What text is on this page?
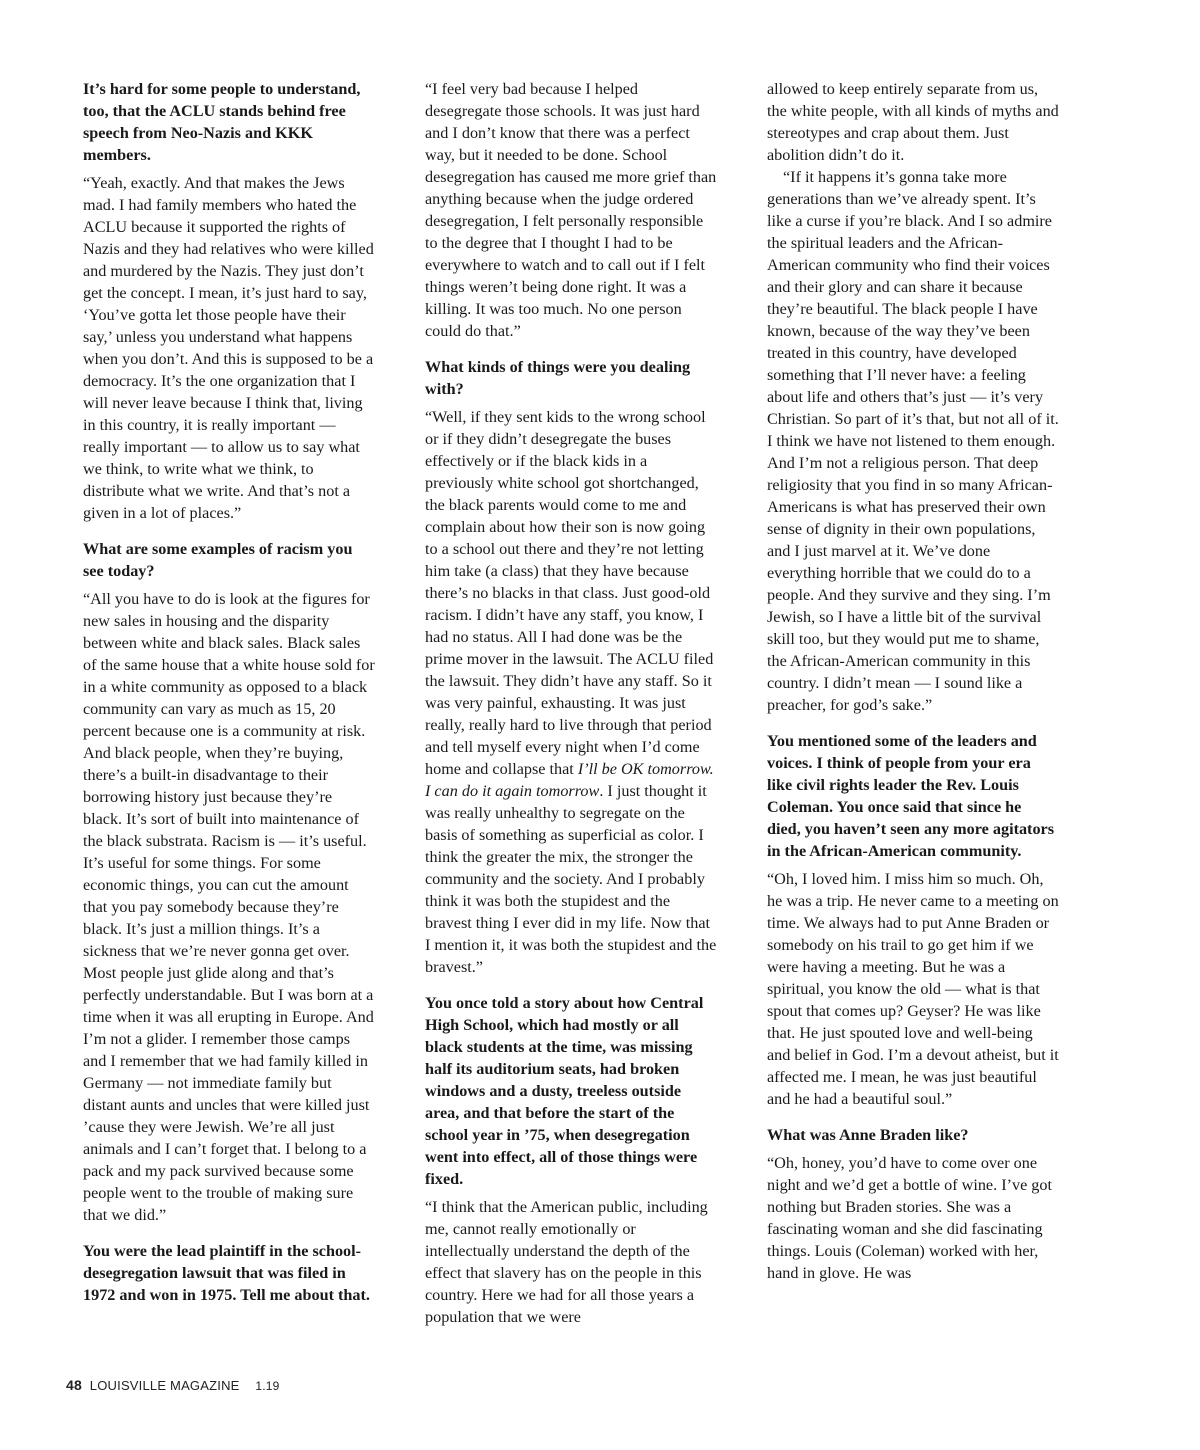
It’s hard for some people to understand, too, that the ACLU stands behind free speech from Neo-Nazis and KKK members.

“Yeah, exactly. And that makes the Jews mad. I had family members who hated the ACLU because it supported the rights of Nazis and they had relatives who were killed and murdered by the Nazis. They just don’t get the concept. I mean, it’s just hard to say, ‘You’ve gotta let those people have their say,’ unless you understand what happens when you don’t. And this is supposed to be a democracy. It’s the one organization that I will never leave because I think that, living in this country, it is really important — really important — to allow us to say what we think, to write what we think, to distribute what we write. And that’s not a given in a lot of places.”

What are some examples of racism you see today?

“All you have to do is look at the figures for new sales in housing and the disparity between white and black sales. Black sales of the same house that a white house sold for in a white community as opposed to a black community can vary as much as 15, 20 percent because one is a community at risk. And black people, when they’re buying, there’s a built-in disadvantage to their borrowing history just because they’re black. It’s sort of built into maintenance of the black substrata. Racism is — it’s useful. It’s useful for some things. For some economic things, you can cut the amount that you pay somebody because they’re black. It’s just a million things. It’s a sickness that we’re never gonna get over. Most people just glide along and that’s perfectly understandable. But I was born at a time when it was all erupting in Europe. And I’m not a glider. I remember those camps and I remember that we had family killed in Germany — not immediate family but distant aunts and uncles that were killed just ’cause they were Jewish. We’re all just animals and I can’t forget that. I belong to a pack and my pack survived because some people went to the trouble of making sure that we did.”

You were the lead plaintiff in the school-desegregation lawsuit that was filed in 1972 and won in 1975. Tell me about that.

“I feel very bad because I helped desegregate those schools. It was just hard and I don’t know that there was a perfect way, but it needed to be done. School desegregation has caused me more grief than anything because when the judge ordered desegregation, I felt personally responsible to the degree that I thought I had to be everywhere to watch and to call out if I felt things weren’t being done right. It was a killing. It was too much. No one person could do that.”

What kinds of things were you dealing with?

“Well, if they sent kids to the wrong school or if they didn’t desegregate the buses effectively or if the black kids in a previously white school got shortchanged, the black parents would come to me and complain about how their son is now going to a school out there and they’re not letting him take (a class) that they have because there’s no blacks in that class. Just good-old racism. I didn’t have any staff, you know, I had no status. All I had done was be the prime mover in the lawsuit. The ACLU filed the lawsuit. They didn’t have any staff. So it was very painful, exhausting. It was just really, really hard to live through that period and tell myself every night when I’d come home and collapse that I’ll be OK tomorrow. I can do it again tomorrow. I just thought it was really unhealthy to segregate on the basis of something as superficial as color. I think the greater the mix, the stronger the community and the society. And I probably think it was both the stupidest and the bravest thing I ever did in my life. Now that I mention it, it was both the stupidest and the bravest.”

You once told a story about how Central High School, which had mostly or all black students at the time, was missing half its auditorium seats, had broken windows and a dusty, treeless outside area, and that before the start of the school year in ’75, when desegregation went into effect, all of those things were fixed.

“I think that the American public, including me, cannot really emotionally or intellectually understand the depth of the effect that slavery has on the people in this country. Here we had for all those years a population that we were

allowed to keep entirely separate from us, the white people, with all kinds of myths and stereotypes and crap about them. Just abolition didn’t do it.

“If it happens it’s gonna take more generations than we’ve already spent. It’s like a curse if you’re black. And I so admire the spiritual leaders and the African-American community who find their voices and their glory and can share it because they’re beautiful. The black people I have known, because of the way they’ve been treated in this country, have developed something that I’ll never have: a feeling about life and others that’s just — it’s very Christian. So part of it’s that, but not all of it. I think we have not listened to them enough. And I’m not a religious person. That deep religiosity that you find in so many African-Americans is what has preserved their own sense of dignity in their own populations, and I just marvel at it. We’ve done everything horrible that we could do to a people. And they survive and they sing. I’m Jewish, so I have a little bit of the survival skill too, but they would put me to shame, the African-American community in this country. I didn’t mean — I sound like a preacher, for god’s sake.”

You mentioned some of the leaders and voices. I think of people from your era like civil rights leader the Rev. Louis Coleman. You once said that since he died, you haven’t seen any more agitators in the African-American community.

“Oh, I loved him. I miss him so much. Oh, he was a trip. He never came to a meeting on time. We always had to put Anne Braden or somebody on his trail to go get him if we were having a meeting. But he was a spiritual, you know the old — what is that spout that comes up? Geyser? He was like that. He just spouted love and well-being and belief in God. I’m a devout atheist, but it affected me. I mean, he was just beautiful and he had a beautiful soul.”

What was Anne Braden like?

“Oh, honey, you’d have to come over one night and we’d get a bottle of wine. I’ve got nothing but Braden stories. She was a fascinating woman and she did fascinating things. Louis (Coleman) worked with her, hand in glove. He was

48 LOUISVILLE MAGAZINE 1.19
